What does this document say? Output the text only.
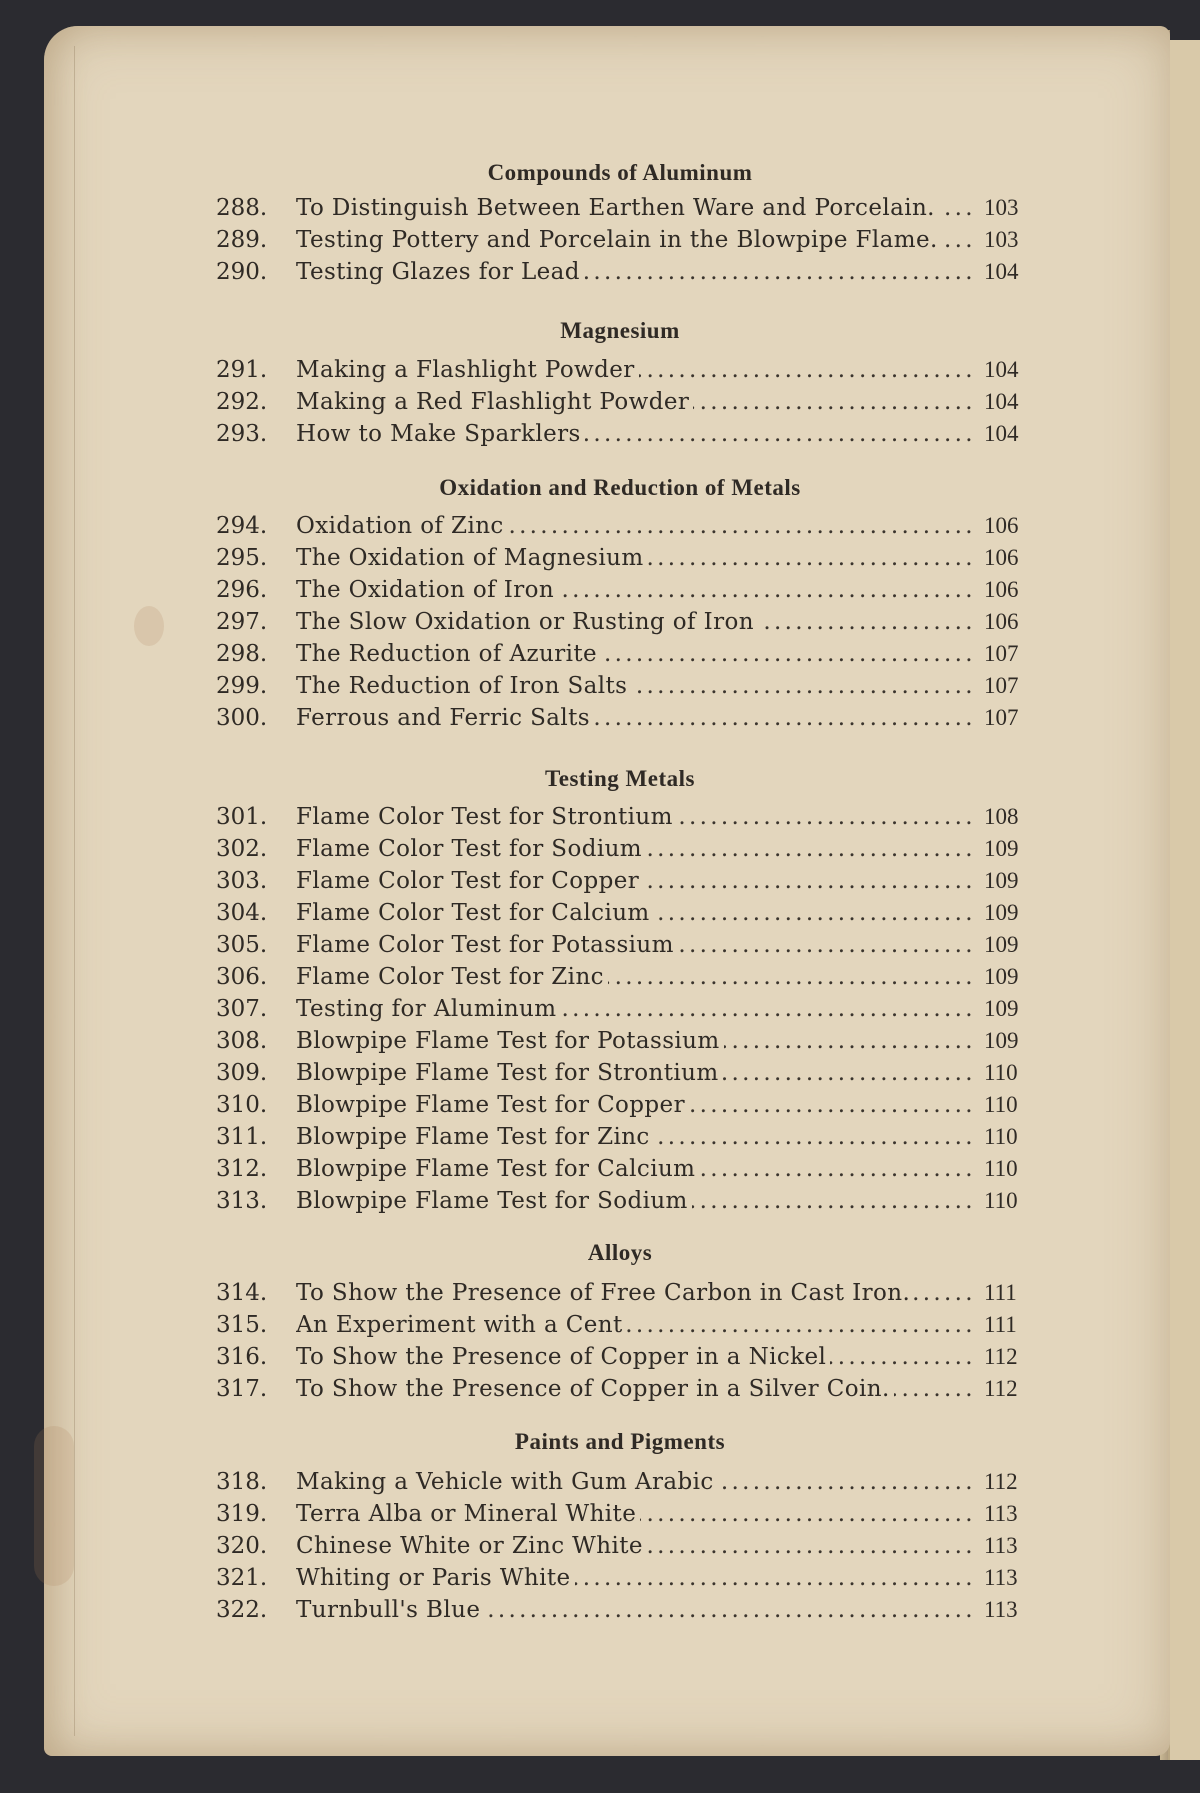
Compounds of Aluminum
288.	To Distinguish Between Earthen Ware and Porcelain. . . .	103
289.	Testing Pottery and Porcelain in the Blowpipe Flame. . . .	103
290.	Testing Glazes for Lead . . .	104
Magnesium
291.	Making a Flashlight Powder . . .	104
292.	Making a Red Flashlight Powder . . .	104
293.	How to Make Sparklers . . .	104
Oxidation and Reduction of Metals
294.	Oxidation of Zinc . . .	106
295.	The Oxidation of Magnesium . . .	106
296.	The Oxidation of Iron . . .	106
297.	The Slow Oxidation or Rusting of Iron . . .	106
298.	The Reduction of Azurite . . .	107
299.	The Reduction of Iron Salts . . .	107
300.	Ferrous and Ferric Salts . . .	107
Testing Metals
301.	Flame Color Test for Strontium . . .	108
302.	Flame Color Test for Sodium . . .	109
303.	Flame Color Test for Copper . . .	109
304.	Flame Color Test for Calcium . . .	109
305.	Flame Color Test for Potassium . . .	109
306.	Flame Color Test for Zinc . . .	109
307.	Testing for Aluminum . . .	109
308.	Blowpipe Flame Test for Potassium . . .	109
309.	Blowpipe Flame Test for Strontium . . .	110
310.	Blowpipe Flame Test for Copper . . .	110
311.	Blowpipe Flame Test for Zinc . . .	110
312.	Blowpipe Flame Test for Calcium . . .	110
313.	Blowpipe Flame Test for Sodium . . .	110
Alloys
314.	To Show the Presence of Free Carbon in Cast Iron. . . .	111
315.	An Experiment with a Cent . . .	111
316.	To Show the Presence of Copper in a Nickel . . .	112
317.	To Show the Presence of Copper in a Silver Coin. . . .	112
Paints and Pigments
318.	Making a Vehicle with Gum Arabic . . .	112
319.	Terra Alba or Mineral White . . .	113
320.	Chinese White or Zinc White . . .	113
321.	Whiting or Paris White . . .	113
322.	Turnbull's Blue . . .	113
